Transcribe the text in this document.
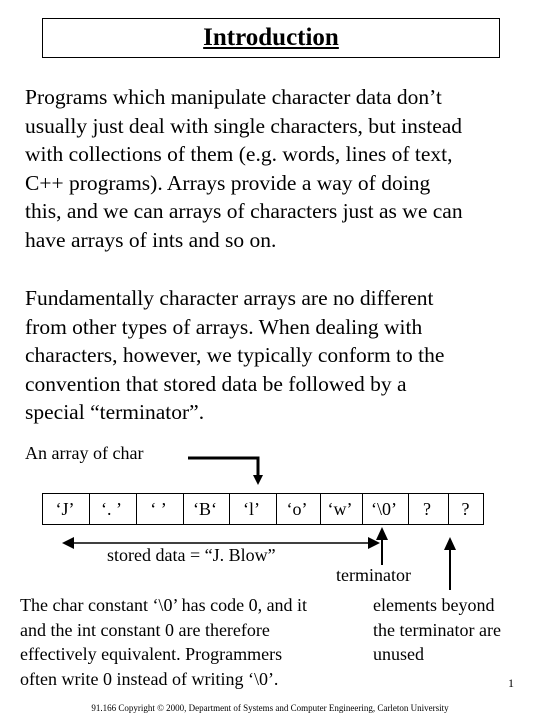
Introduction
Programs which manipulate character data don’t
usually just deal with single characters, but instead
with collections of them (e.g. words, lines of text,
C++ programs). Arrays provide a way of doing
this, and we can arrays of characters just as we can
have arrays of ints and so on.
Fundamentally character arrays are no different
from other types of arrays. When dealing with
characters, however, we typically conform to the
convention that stored data be followed by a
special “terminator”.
An array of char
‘J’	‘. ’	‘ ’	‘B‘	‘l’	‘o’	‘w’	‘\0’	?	?
stored data = “J. Blow”
terminator
The char constant ‘\0’ has code 0, and it
and the int constant 0 are therefore
effectively equivalent. Programmers
often write 0 instead of writing ‘\0’.
elements beyond
the terminator are
unused
1
91.166 Copyright © 2000, Department of Systems and Computer Engineering, Carleton University
